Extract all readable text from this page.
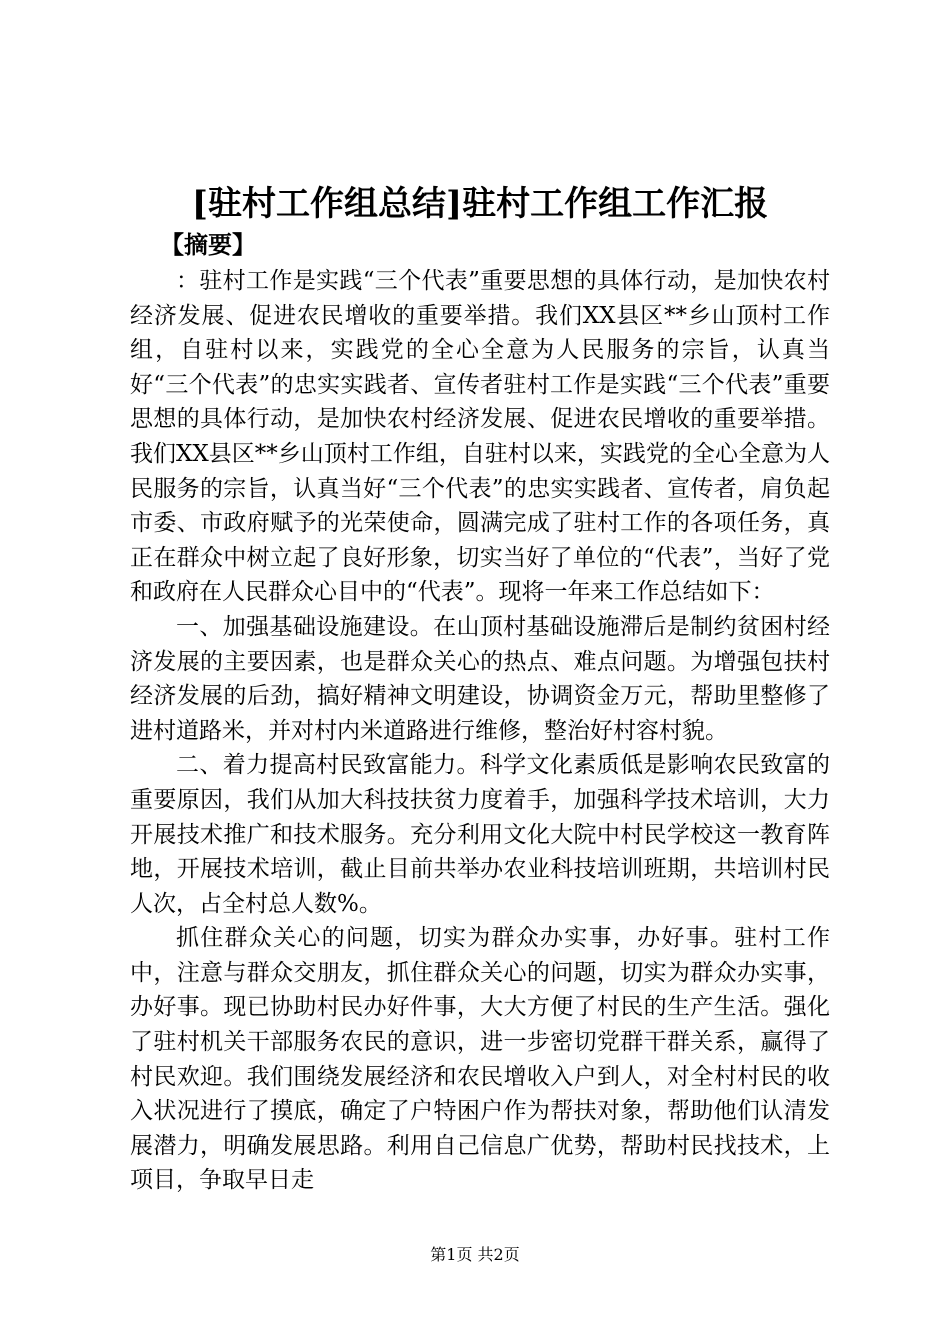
[驻村工作组总结]驻村工作组工作汇报
【摘要】

：驻村工作是实践“三个代表”重要思想的具体行动，是加快农村经济发展、促进农民增收的重要举措。我们XX县区**乡山顶村工作组，自驻村以来，实践党的全心全意为人民服务的宗旨，认真当好“三个代表”的忠实实践者、宣传者驻村工作是实践“三个代表”重要思想的具体行动，是加快农村经济发展、促进农民增收的重要举措。我们XX县区**乡山顶村工作组，自驻村以来，实践党的全心全意为人民服务的宗旨，认真当好“三个代表”的忠实实践者、宣传者，肩负起市委、市政府赋予的光荣使命，圆满完成了驻村工作的各项任务，真正在群众中树立起了良好形象，切实当好了单位的“代表”，当好了党和政府在人民群众心目中的“代表”。现将一年来工作总结如下：

一、加强基础设施建设。在山顶村基础设施滞后是制约贫困村经济发展的主要因素，也是群众关心的热点、难点问题。为增强包扶村经济发展的后劲，搞好精神文明建设，协调资金万元，帮助里整修了进村道路米，并对村内米道路进行维修，整治好村容村貌。

二、着力提高村民致富能力。科学文化素质低是影响农民致富的重要原因，我们从加大科技扶贫力度着手，加强科学技术培训，大力开展技术推广和技术服务。充分利用文化大院中村民学校这一教育阵地，开展技术培训，截止目前共举办农业科技培训班期，共培训村民人次，占全村总人数%。

抓住群众关心的问题，切实为群众办实事，办好事。驻村工作中，注意与群众交朋友，抓住群众关心的问题，切实为群众办实事，办好事。现已协助村民办好件事，大大方便了村民的生产生活。强化了驻村机关干部服务农民的意识，进一步密切党群干群关系，赢得了村民欢迎。我们围绕发展经济和农民增收入户到人，对全村村民的收入状况进行了摸底，确定了户特困户作为帮扶对象，帮助他们认清发展潜力，明确发展思路。利用自己信息广优势，帮助村民找技术，上项目，争取早日走

第1页 共2页
